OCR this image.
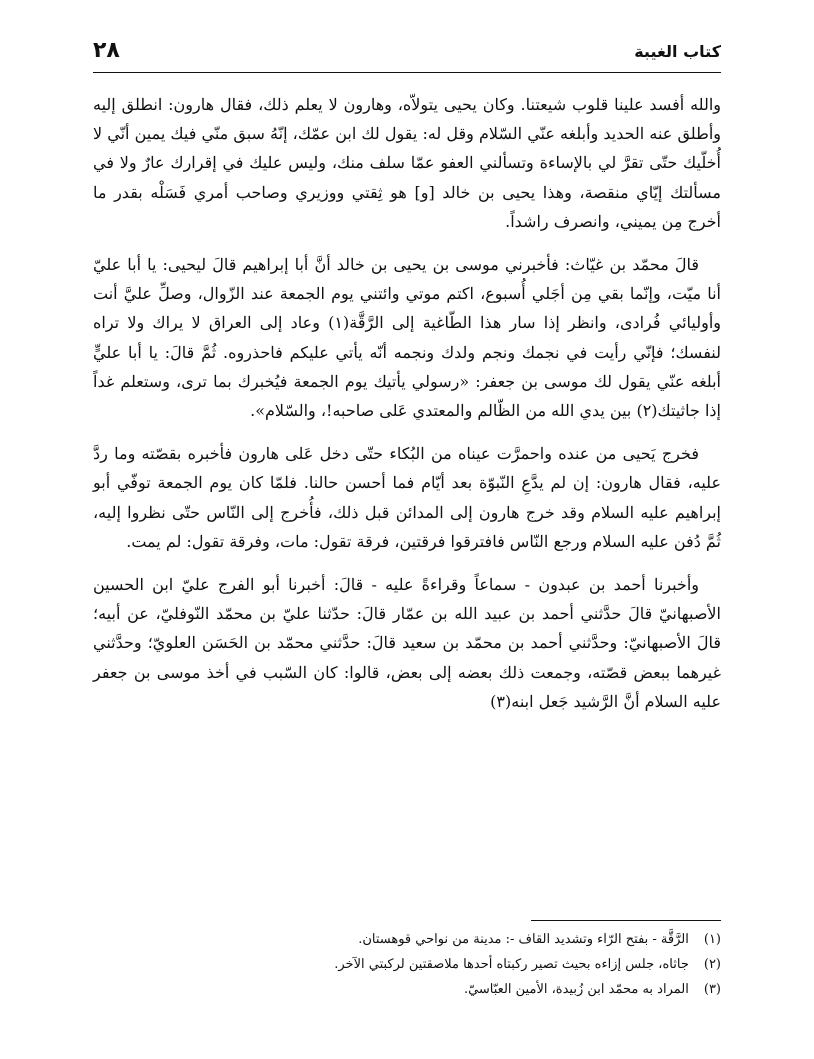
كتاب الغيبة
٢٨

والله أفسد علينا قلوب شيعتنا. وكان يحيى يتولاّه، وهارون لا يعلم ذلك، فقال هارون: انطلق إليه وأطلق عنه الحديد وأبلغه عنّي السّلام وقل له: يقول لك ابن عمّك، إنّهُ سبق منّي فيك يمين أنّي لا أُخلّيك حتّى تقرَّ لي بالإساءة وتسألني العفو عمّا سلف منك، وليس عليك في إقرارك عارٌ ولا في مسألتك إيّاي منقصة، وهذا يحيى بن خالد [و] هو ثِقتي ووزيري وصاحب أمري فَسَلْه بقدر ما أخرج مِن يميني، وانصرف راشداً.

قالَ محمّد بن غيّاث: فأخبرني موسى بن يحيى بن خالد أنَّ أبا إبراهيم قالَ ليحيى: يا أبا عليّ أنا ميّت، وإنّما بقي مِن أجَلي أُسبوع، اكتم موتي وائتني يوم الجمعة عند الزّوال، وصلِّ عليَّ أنت وأوليائي فُرادى، وانظر إذا سار هذا الطّاغية إلى الرَّقَّة(١) وعاد إلى العراق لا يراك ولا تراه لنفسك؛ فإنّي رأيت في نجمك ونجم ولدك ونجمه أنّه يأتي عليكم فاحذروه. ثُمَّ قالَ: يا أبا عليٍّ أبلغه عنّي يقول لك موسى بن جعفر: «رسولي يأتيك يوم الجمعة فيُخبرك بما ترى، وستعلم غداً إذا جاثيتك(٢) بين يدي الله من الظّالم والمعتدي عَلى صاحبه!، والسّلام».

فخرج يَحيى من عنده واحمرَّت عيناه من البُكاء حتّى دخل عَلى هارون فأخبره بقصّته وما ردَّ عليه، فقال هارون: إن لم يدَّعِ النّبوّة بعد أيّام فما أحسن حالنا. فلمّا كان يوم الجمعة توفّي أبو إبراهيم عليه السلام وقد خرج هارون إلى المدائن قبل ذلك، فأُخرج إلى النّاس حتّى نظروا إليه، ثُمَّ دُفن عليه السلام ورجع النّاس فافترقوا فرقتين، فرقة تقول: مات، وفرقة تقول: لم يمت.

وأخبرنا أحمد بن عبدون - سماعاً وقراءةً عليه - قالَ: أخبرنا أبو الفرج عليّ ابن الحسين الأصبهانيّ قالَ حدَّثني أحمد بن عبيد الله بن عمّار قالَ: حدّثنا عليّ بن محمّد النّوفليّ، عن أبيه؛ قالَ الأصبهانيّ: وحدَّثني أحمد بن محمّد بن سعيد قالَ: حدَّثني محمّد بن الحَسَن العلويّ؛ وحدَّثني غيرهما ببعض قصّته، وجمعت ذلك بعضه إلى بعض، قالوا: كان السّبب في أخذ موسى بن جعفر عليه السلام أنَّ الرَّشيد جَعل ابنه(٣)

(١) الرَّقَّة - بفتح الرّاء وتشديد القاف -: مدينة من نواحي قوهستان.
(٢) جاثاه، جلس إزاءه بحيث تصير ركبتاه أحدها ملاصقتين لركبتي الآخر.
(٣) المراد به محمّد ابن زُبيدة، الأمين العبّاسيّ.
